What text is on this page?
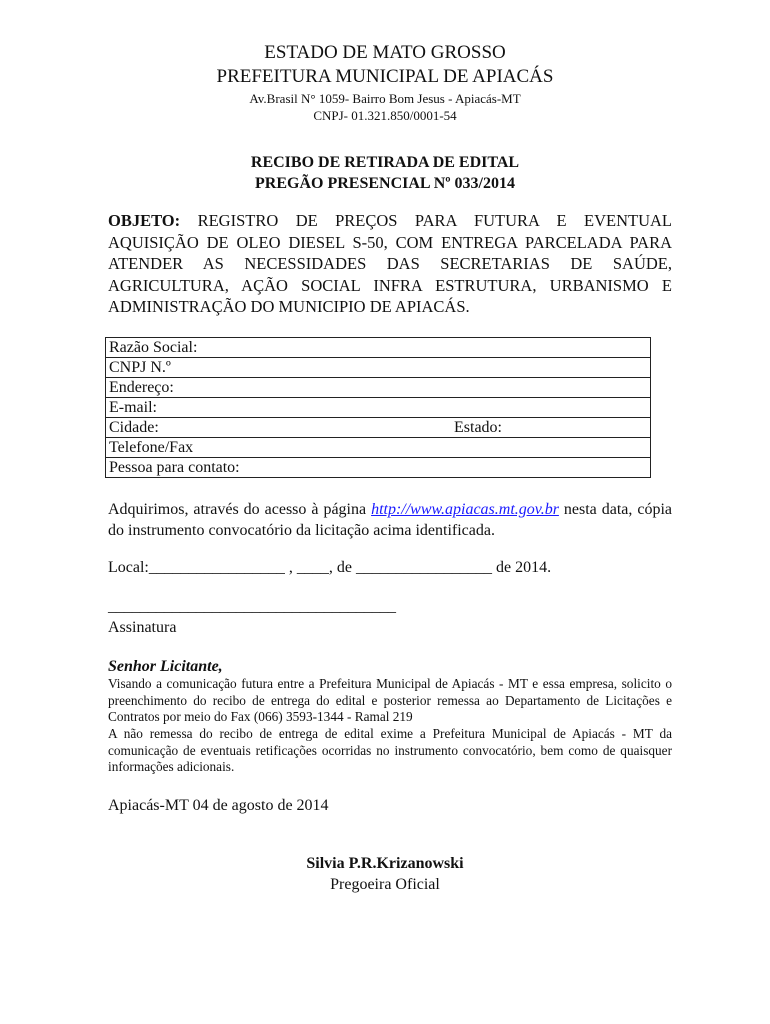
ESTADO DE MATO GROSSO
PREFEITURA MUNICIPAL DE APIACÁS
Av.Brasil N° 1059- Bairro Bom Jesus - Apiacás-MT
CNPJ- 01.321.850/0001-54
RECIBO DE RETIRADA DE EDITAL
PREGÃO PRESENCIAL Nº 033/2014
OBJETO: REGISTRO DE PREÇOS PARA FUTURA E EVENTUAL AQUISIÇÃO DE OLEO DIESEL S-50, COM ENTREGA PARCELADA PARA ATENDER AS NECESSIDADES DAS SECRETARIAS DE SAÚDE, AGRICULTURA, AÇÃO SOCIAL INFRA ESTRUTURA, URBANISMO E ADMINISTRAÇÃO DO MUNICIPIO DE APIACÁS.
Razão Social:
CNPJ N.º
Endereço:
E-mail:
Cidade:	Estado:
Telefone/Fax
Pessoa para contato:
Adquirimos, através do acesso à página http://www.apiacas.mt.gov.br nesta data, cópia do instrumento convocatório da licitação acima identificada.
Local:_________________ , ____, de _________________ de 2014.
____________________________________
Assinatura
Senhor Licitante,
Visando a comunicação futura entre a Prefeitura Municipal de Apiacás - MT e essa empresa, solicito o preenchimento do recibo de entrega do edital e posterior remessa ao Departamento de Licitações e Contratos por meio do Fax (066) 3593-1344 - Ramal 219
A não remessa do recibo de entrega de edital exime a Prefeitura Municipal de Apiacás - MT da comunicação de eventuais retificações ocorridas no instrumento convocatório, bem como de quaisquer informações adicionais.
Apiacás-MT 04 de agosto de 2014
Silvia P.R.Krizanowski
Pregoeira Oficial
